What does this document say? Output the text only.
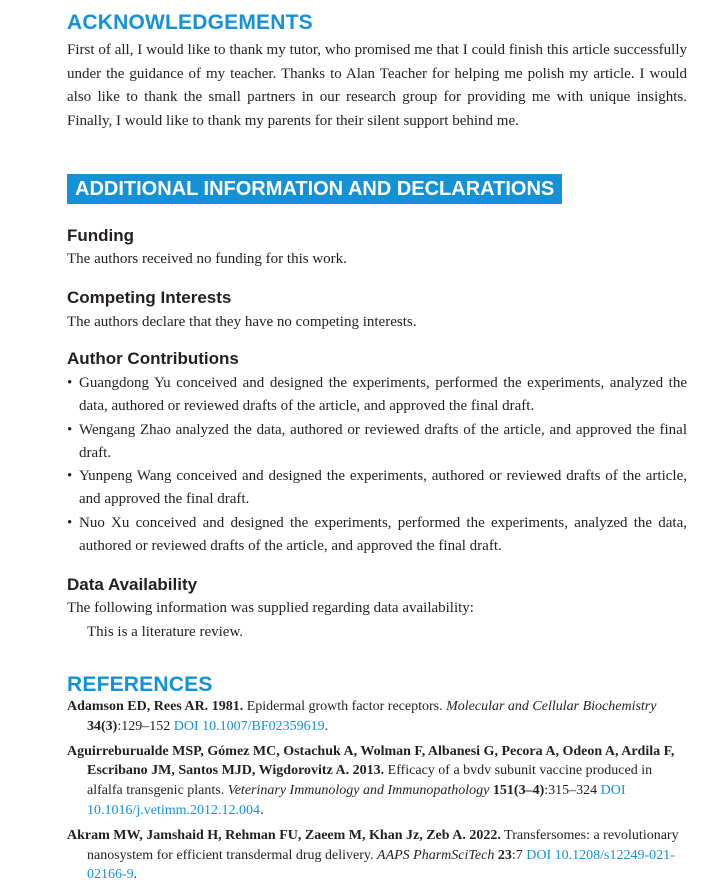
ACKNOWLEDGEMENTS

First of all, I would like to thank my tutor, who promised me that I could finish this article successfully under the guidance of my teacher. Thanks to Alan Teacher for helping me polish my article. I would also like to thank the small partners in our research group for providing me with unique insights. Finally, I would like to thank my parents for their silent support behind me.

ADDITIONAL INFORMATION AND DECLARATIONS
Funding

The authors received no funding for this work.

Competing Interests

The authors declare that they have no competing interests.

Author Contributions
• Guangdong Yu conceived and designed the experiments, performed the experiments, analyzed the data, authored or reviewed drafts of the article, and approved the final draft.
• Wengang Zhao analyzed the data, authored or reviewed drafts of the article, and approved the final draft.
• Yunpeng Wang conceived and designed the experiments, authored or reviewed drafts of the article, and approved the final draft.
• Nuo Xu conceived and designed the experiments, performed the experiments, analyzed the data, authored or reviewed drafts of the article, and approved the final draft.
Data Availability

The following information was supplied regarding data availability:

This is a literature review.

REFERENCES

Adamson ED, Rees AR. 1981. Epidermal growth factor receptors. Molecular and Cellular Biochemistry 34(3):129–152 DOI 10.1007/BF02359619.

Aguirreburualde MSP, Gómez MC, Ostachuk A, Wolman F, Albanesi G, Pecora A, Odeon A, Ardila F, Escribano JM, Santos MJD, Wigdorovitz A. 2013. Efficacy of a bvdv subunit vaccine produced in alfalfa transgenic plants. Veterinary Immunology and Immunopathology 151(3–4):315–324 DOI 10.1016/j.vetimm.2012.12.004.

Akram MW, Jamshaid H, Rehman FU, Zaeem M, Khan Jz, Zeb A. 2022. Transfersomes: a revolutionary nanosystem for efficient transdermal drug delivery. AAPS PharmSciTech 23:7 DOI 10.1208/s12249-021-02166-9.
